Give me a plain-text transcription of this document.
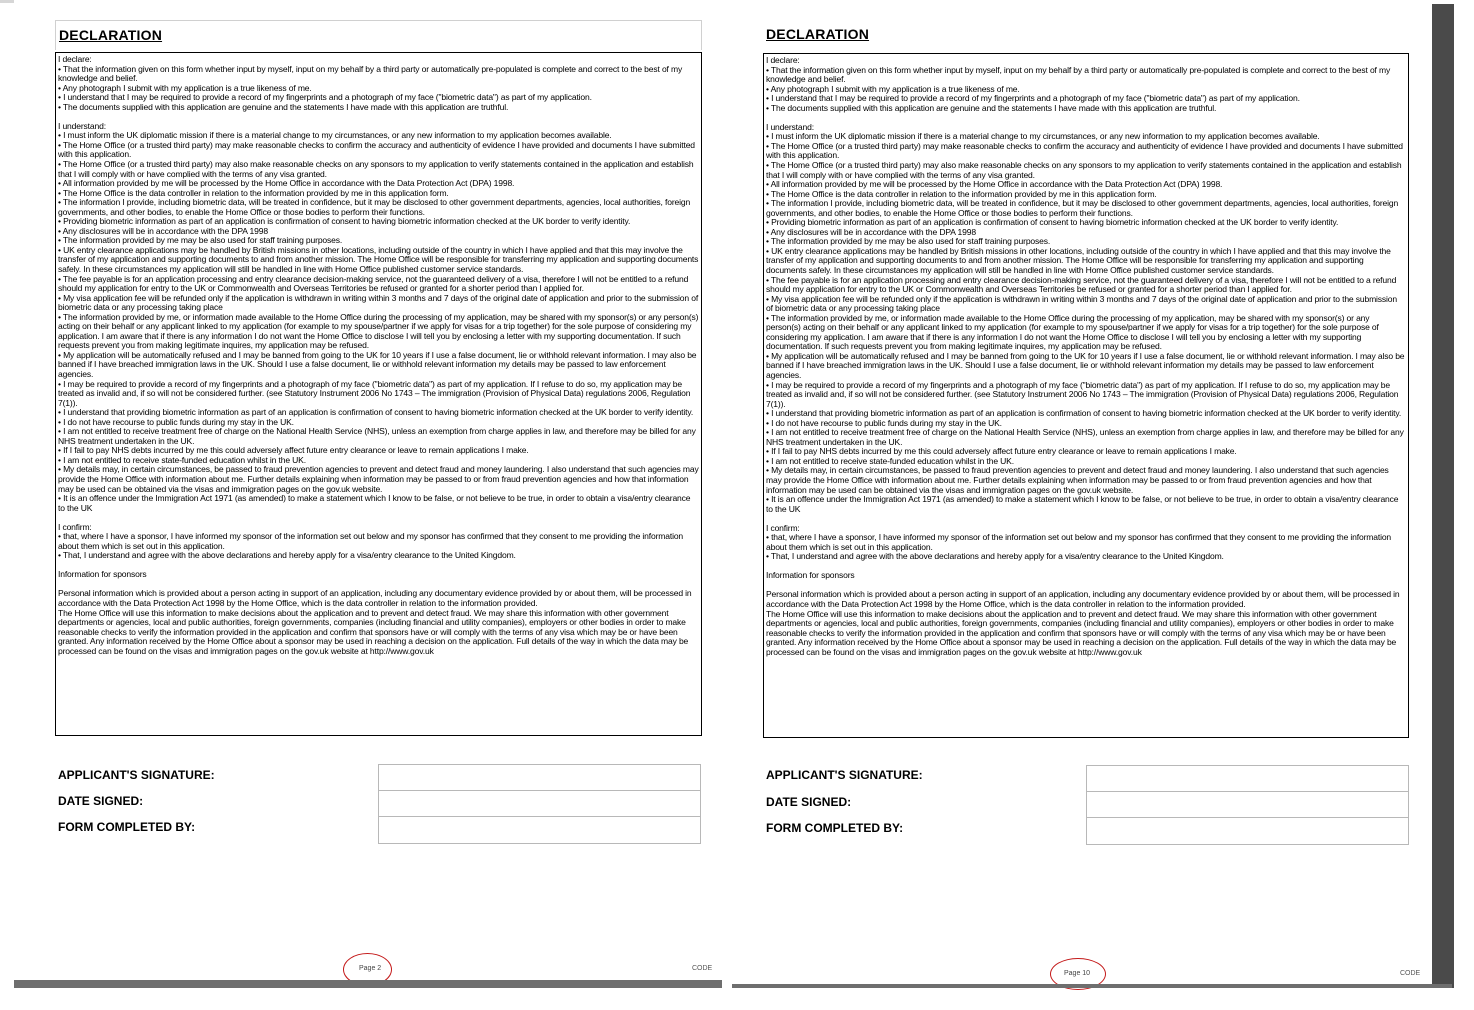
DECLARATION

I declare:

• That the information given on this form whether input by myself, input on my behalf by a third party or automatically pre-populated is complete and correct to the best of my knowledge and belief.

• Any photograph I submit with my application is a true likeness of me.

• I understand that I may be required to provide a record of my fingerprints and a photograph of my face ("biometric data") as part of my application.

• The documents supplied with this application are genuine and the statements I have made with this application are truthful.

I understand:

• I must inform the UK diplomatic mission if there is a material change to my circumstances, or any new information to my application becomes available.

• The Home Office (or a trusted third party) may make reasonable checks to confirm the accuracy and authenticity of evidence I have provided and documents I have submitted with this application.

• The Home Office (or a trusted third party) may also make reasonable checks on any sponsors to my application to verify statements contained in the application and establish that I will comply with or have complied with the terms of any visa granted.

• All information provided by me will be processed by the Home Office in accordance with the Data Protection Act (DPA) 1998.

• The Home Office is the data controller in relation to the information provided by me in this application form.

• The information I provide, including biometric data, will be treated in confidence, but it may be disclosed to other government departments, agencies, local authorities, foreign governments, and other bodies, to enable the Home Office or those bodies to perform their functions.

• Providing biometric information as part of an application is confirmation of consent to having biometric information checked at the UK border to verify identity.

• Any disclosures will be in accordance with the DPA 1998

• The information provided by me may be also used for staff training purposes.

• UK entry clearance applications may be handled by British missions in other locations, including outside of the country in which I have applied and that this may involve the transfer of my application and supporting documents to and from another mission. The Home Office will be responsible for transferring my application and supporting documents safely. In these circumstances my application will still be handled in line with Home Office published customer service standards.

• The fee payable is for an application processing and entry clearance decision-making service, not the guaranteed delivery of a visa, therefore I will not be entitled to a refund should my application for entry to the UK or Commonwealth and Overseas Territories be refused or granted for a shorter period than I applied for.

• My visa application fee will be refunded only if the application is withdrawn in writing within 3 months and 7 days of the original date of application and prior to the submission of biometric data or any processing taking place

• The information provided by me, or information made available to the Home Office during the processing of my application, may be shared with my sponsor(s) or any person(s) acting on their behalf or any applicant linked to my application (for example to my spouse/partner if we apply for visas for a trip together) for the sole purpose of considering my application. I am aware that if there is any information I do not want the Home Office to disclose I will tell you by enclosing a letter with my supporting documentation. If such requests prevent you from making legitimate inquires, my application may be refused.

• My application will be automatically refused and I may be banned from going to the UK for 10 years if I use a false document, lie or withhold relevant information. I may also be banned if I have breached immigration laws in the UK. Should I use a false document, lie or withhold relevant information my details may be passed to law enforcement agencies.

• I may be required to provide a record of my fingerprints and a photograph of my face ("biometric data") as part of my application. If I refuse to do so, my application may be treated as invalid and, if so will not be considered further. (see Statutory Instrument 2006 No 1743 – The immigration (Provision of Physical Data) regulations 2006, Regulation 7(1)).

• I understand that providing biometric information as part of an application is confirmation of consent to having biometric information checked at the UK border to verify identity.

• I do not have recourse to public funds during my stay in the UK.

• I am not entitled to receive treatment free of charge on the National Health Service (NHS), unless an exemption from charge applies in law, and therefore may be billed for any NHS treatment undertaken in the UK.

• If I fail to pay NHS debts incurred by me this could adversely affect future entry clearance or leave to remain applications I make.

• I am not entitled to receive state-funded education whilst in the UK.

• My details may, in certain circumstances, be passed to fraud prevention agencies to prevent and detect fraud and money laundering. I also understand that such agencies may provide the Home Office with information about me. Further details explaining when information may be passed to or from fraud prevention agencies and how that information may be used can be obtained via the visas and immigration pages on the gov.uk website.

• It is an offence under the Immigration Act 1971 (as amended) to make a statement which I know to be false, or not believe to be true, in order to obtain a visa/entry clearance to the UK

I confirm:

• that, where I have a sponsor, I have informed my sponsor of the information set out below and my sponsor has confirmed that they consent to me providing the information about them which is set out in this application.

• That, I understand and agree with the above declarations and hereby apply for a visa/entry clearance to the United Kingdom.

Information for sponsors

Personal information which is provided about a person acting in support of an application, including any documentary evidence provided by or about them, will be processed in accordance with the Data Protection Act 1998 by the Home Office, which is the data controller in relation to the information provided.

The Home Office will use this information to make decisions about the application and to prevent and detect fraud. We may share this information with other government departments or agencies, local and public authorities, foreign governments, companies (including financial and utility companies), employers or other bodies in order to make reasonable checks to verify the information provided in the application and confirm that sponsors have or will comply with the terms of any visa which may be or have been granted. Any information received by the Home Office about a sponsor may be used in reaching a decision on the application. Full details of the way in which the data may be processed can be found on the visas and immigration pages on the gov.uk website at http://www.gov.uk

APPLICANT'S SIGNATURE:
DATE SIGNED:
FORM COMPLETED BY:
Page 2	CODE
DECLARATION

I declare:

• That the information given on this form whether input by myself, input on my behalf by a third party or automatically pre-populated is complete and correct to the best of my knowledge and belief.

• Any photograph I submit with my application is a true likeness of me.

• I understand that I may be required to provide a record of my fingerprints and a photograph of my face ("biometric data") as part of my application.

• The documents supplied with this application are genuine and the statements I have made with this application are truthful.

I understand:

• I must inform the UK diplomatic mission if there is a material change to my circumstances, or any new information to my application becomes available.

• The Home Office (or a trusted third party) may make reasonable checks to confirm the accuracy and authenticity of evidence I have provided and documents I have submitted with this application.

• The Home Office (or a trusted third party) may also make reasonable checks on any sponsors to my application to verify statements contained in the application and establish that I will comply with or have complied with the terms of any visa granted.

• All information provided by me will be processed by the Home Office in accordance with the Data Protection Act (DPA) 1998.

• The Home Office is the data controller in relation to the information provided by me in this application form.

• The information I provide, including biometric data, will be treated in confidence, but it may be disclosed to other government departments, agencies, local authorities, foreign governments, and other bodies, to enable the Home Office or those bodies to perform their functions.

• Providing biometric information as part of an application is confirmation of consent to having biometric information checked at the UK border to verify identity.

• Any disclosures will be in accordance with the DPA 1998

• The information provided by me may be also used for staff training purposes.

• UK entry clearance applications may be handled by British missions in other locations, including outside of the country in which I have applied and that this may involve the transfer of my application and supporting documents to and from another mission. The Home Office will be responsible for transferring my application and supporting documents safely. In these circumstances my application will still be handled in line with Home Office published customer service standards.

• The fee payable is for an application processing and entry clearance decision-making service, not the guaranteed delivery of a visa, therefore I will not be entitled to a refund should my application for entry to the UK or Commonwealth and Overseas Territories be refused or granted for a shorter period than I applied for.

• My visa application fee will be refunded only if the application is withdrawn in writing within 3 months and 7 days of the original date of application and prior to the submission of biometric data or any processing taking place

• The information provided by me, or information made available to the Home Office during the processing of my application, may be shared with my sponsor(s) or any person(s) acting on their behalf or any applicant linked to my application (for example to my spouse/partner if we apply for visas for a trip together) for the sole purpose of considering my application. I am aware that if there is any information I do not want the Home Office to disclose I will tell you by enclosing a letter with my supporting documentation. If such requests prevent you from making legitimate inquires, my application may be refused.

• My application will be automatically refused and I may be banned from going to the UK for 10 years if I use a false document, lie or withhold relevant information. I may also be banned if I have breached immigration laws in the UK. Should I use a false document, lie or withhold relevant information my details may be passed to law enforcement agencies.

• I may be required to provide a record of my fingerprints and a photograph of my face ("biometric data") as part of my application. If I refuse to do so, my application may be treated as invalid and, if so will not be considered further. (see Statutory Instrument 2006 No 1743 – The immigration (Provision of Physical Data) regulations 2006, Regulation 7(1)).

• I understand that providing biometric information as part of an application is confirmation of consent to having biometric information checked at the UK border to verify identity.

• I do not have recourse to public funds during my stay in the UK.

• I am not entitled to receive treatment free of charge on the National Health Service (NHS), unless an exemption from charge applies in law, and therefore may be billed for any NHS treatment undertaken in the UK.

• If I fail to pay NHS debts incurred by me this could adversely affect future entry clearance or leave to remain applications I make.

• I am not entitled to receive state-funded education whilst in the UK.

• My details may, in certain circumstances, be passed to fraud prevention agencies to prevent and detect fraud and money laundering. I also understand that such agencies may provide the Home Office with information about me. Further details explaining when information may be passed to or from fraud prevention agencies and how that information may be used can be obtained via the visas and immigration pages on the gov.uk website.

• It is an offence under the Immigration Act 1971 (as amended) to make a statement which I know to be false, or not believe to be true, in order to obtain a visa/entry clearance to the UK

I confirm:

• that, where I have a sponsor, I have informed my sponsor of the information set out below and my sponsor has confirmed that they consent to me providing the information about them which is set out in this application.

• That, I understand and agree with the above declarations and hereby apply for a visa/entry clearance to the United Kingdom.

Information for sponsors

Personal information which is provided about a person acting in support of an application, including any documentary evidence provided by or about them, will be processed in accordance with the Data Protection Act 1998 by the Home Office, which is the data controller in relation to the information provided.

The Home Office will use this information to make decisions about the application and to prevent and detect fraud. We may share this information with other government departments or agencies, local and public authorities, foreign governments, companies (including financial and utility companies), employers or other bodies in order to make reasonable checks to verify the information provided in the application and confirm that sponsors have or will comply with the terms of any visa which may be or have been granted. Any information received by the Home Office about a sponsor may be used in reaching a decision on the application. Full details of the way in which the data may be processed can be found on the visas and immigration pages on the gov.uk website at http://www.gov.uk

APPLICANT'S SIGNATURE:
DATE SIGNED:
FORM COMPLETED BY:
Page 10	CODE
